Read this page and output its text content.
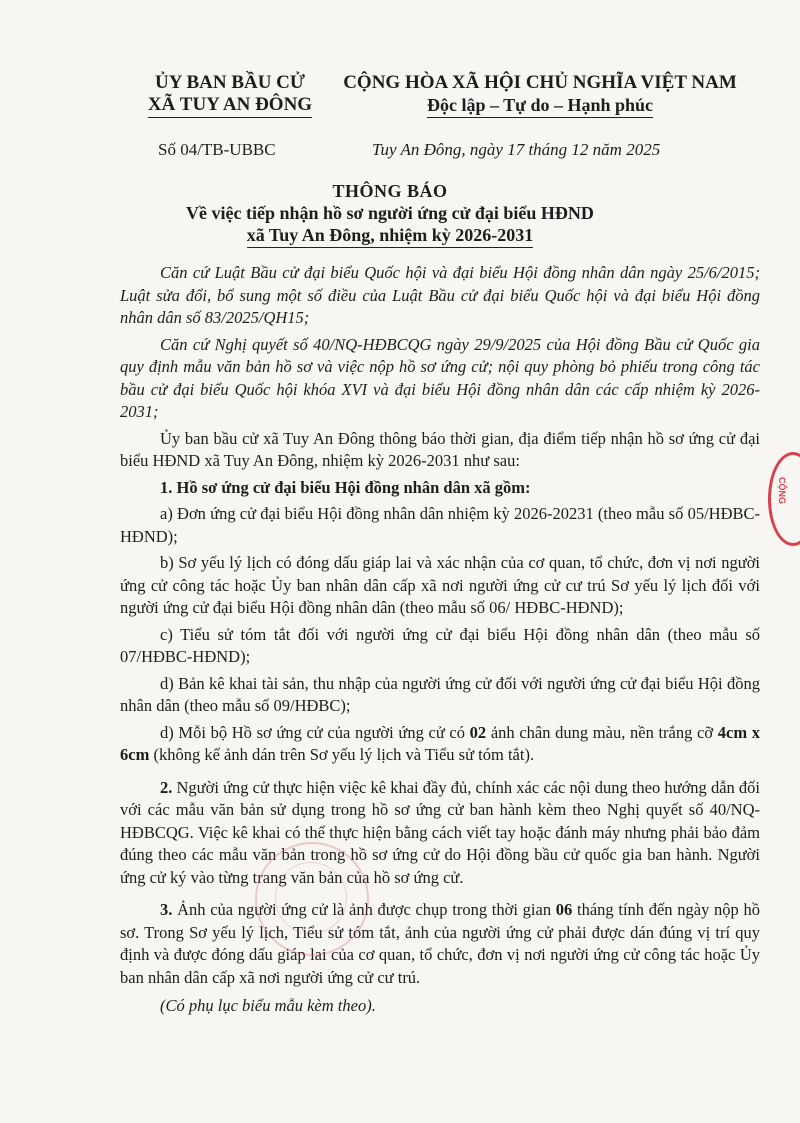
ỦY BAN BẦU CỬ
XÃ TUY AN ĐÔNG
CỘNG HÒA XÃ HỘI CHỦ NGHĨA VIỆT NAM
Độc lập – Tự do – Hạnh phúc
Số 04/TB-UBBC	Tuy An Đông, ngày 17 tháng 12 năm 2025
THÔNG BÁO
Về việc tiếp nhận hồ sơ người ứng cử đại biểu HĐND
xã Tuy An Đông, nhiệm kỳ 2026-2031

Căn cứ Luật Bầu cử đại biểu Quốc hội và đại biểu Hội đồng nhân dân ngày 25/6/2015; Luật sửa đổi, bổ sung một số điều của Luật Bầu cử đại biểu Quốc hội và đại biểu Hội đồng nhân dân số 83/2025/QH15;

Căn cứ Nghị quyết số 40/NQ-HĐBCQG ngày 29/9/2025 của Hội đồng Bầu cử Quốc gia quy định mẫu văn bản hồ sơ và việc nộp hồ sơ ứng cử; nội quy phòng bỏ phiếu trong công tác bầu cử đại biểu Quốc hội khóa XVI và đại biểu Hội đồng nhân dân các cấp nhiệm kỳ 2026-2031;

Ủy ban bầu cử xã Tuy An Đông thông báo thời gian, địa điểm tiếp nhận hồ sơ ứng cử đại biểu HĐND xã Tuy An Đông, nhiệm kỳ 2026-2031 như sau:

1. Hồ sơ ứng cử đại biểu Hội đồng nhân dân xã gồm:

a) Đơn ứng cử đại biểu Hội đồng nhân dân nhiệm kỳ 2026-20231 (theo mẫu số 05/HĐBC-HĐND);

b) Sơ yếu lý lịch có đóng dấu giáp lai và xác nhận của cơ quan, tổ chức, đơn vị nơi người ứng cử công tác hoặc Ủy ban nhân dân cấp xã nơi người ứng cử cư trú Sơ yếu lý lịch đối với người ứng cử đại biểu Hội đồng nhân dân (theo mẫu số 06/ HĐBC-HĐND);

c) Tiểu sử tóm tắt đối với người ứng cử đại biểu Hội đồng nhân dân (theo mẫu số 07/HĐBC-HĐND);

d) Bản kê khai tài sản, thu nhập của người ứng cử đối với người ứng cử đại biểu Hội đồng nhân dân (theo mẫu số 09/HĐBC);

d) Mỗi bộ Hồ sơ ứng cử của người ứng cử có 02 ảnh chân dung màu, nền trắng cỡ 4cm x 6cm (không kể ảnh dán trên Sơ yếu lý lịch và Tiểu sử tóm tắt).

2. Người ứng cử thực hiện việc kê khai đầy đủ, chính xác các nội dung theo hướng dẫn đối với các mẫu văn bản sử dụng trong hồ sơ ứng cử ban hành kèm theo Nghị quyết số 40/NQ-HĐBCQG. Việc kê khai có thể thực hiện bằng cách viết tay hoặc đánh máy nhưng phải bảo đảm đúng theo các mẫu văn bản trong hồ sơ ứng cử do Hội đồng bầu cử quốc gia ban hành. Người ứng cử ký vào từng trang văn bản của hồ sơ ứng cử.

3. Ảnh của người ứng cử là ảnh được chụp trong thời gian 06 tháng tính đến ngày nộp hồ sơ. Trong Sơ yếu lý lịch, Tiểu sử tóm tắt, ảnh của người ứng cử phải được dán đúng vị trí quy định và được đóng dấu giáp lai của cơ quan, tổ chức, đơn vị nơi người ứng cử công tác hoặc Ủy ban nhân dân cấp xã nơi người ứng cử cư trú.

(Có phụ lục biểu mẫu kèm theo).

CỘNG
